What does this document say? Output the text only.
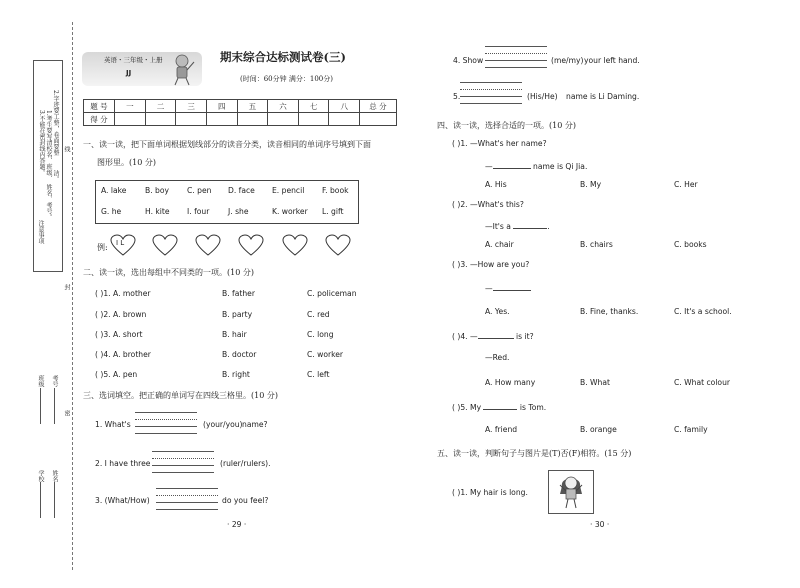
注意事项
1.考生要写清校名、班级、
姓名、考号。
2.字迹要工整，卷面要整
洁。
3.不能在密封线内答题。	线
封
密
学校 姓名
班级 考号
英语・三年级・上册
JJ
期末综合达标测试卷(三)
(时间：60分钟 满分：100分)
题 号	一	二	三	四	五	六	七	八	总 分
得 分									
一、读一读，把下面单词根据划线部分的读音分类，读音相同的单词序号填到下面
图形里。(10 分)
A. lake B. boy C. pen D. face E. pencil F. book
G. he	H. kite I. four J. she	K. worker L. gift
例: I L
二、读一读，选出每组中不同类的一项。(10 分)
( )1. A. mother	B. father	C. policeman
( )2. A. brown	B. party	C. red
( )3. A. short	B. hair	C. long
( )4. A. brother	B. doctor	C. worker
( )5. A. pen	B. right	C. left
三、选词填空。把正确的单词写在四线三格里。(10 分)
1. What's	(your/you) name?
2. I have three	(ruler/rulers).
3. (What/How)	do you feel?
· 29 ·
4. Show	(me/my) your left hand.
5.	(His/He) name is Li Daming.
四、读一读，选择合适的一项。(10 分)
( )1. —What's her name?
—	name is Qi Jia.
A. His	B. My	C. Her
( )2. —What's this?
—It's a	.
A. chair	B. chairs	C. books
( )3. —How are you?
—
A. Yes.	B. Fine, thanks.	C. It's a school.
( )4. —	is it?
—Red.
A. How many	B. What	C. What colour
( )5. My	is Tom.
A. friend	B. orange	C. family
五、读一读，判断句子与图片是(T)否(F)相符。(15 分)
( )1. My hair is long.
· 30 ·
